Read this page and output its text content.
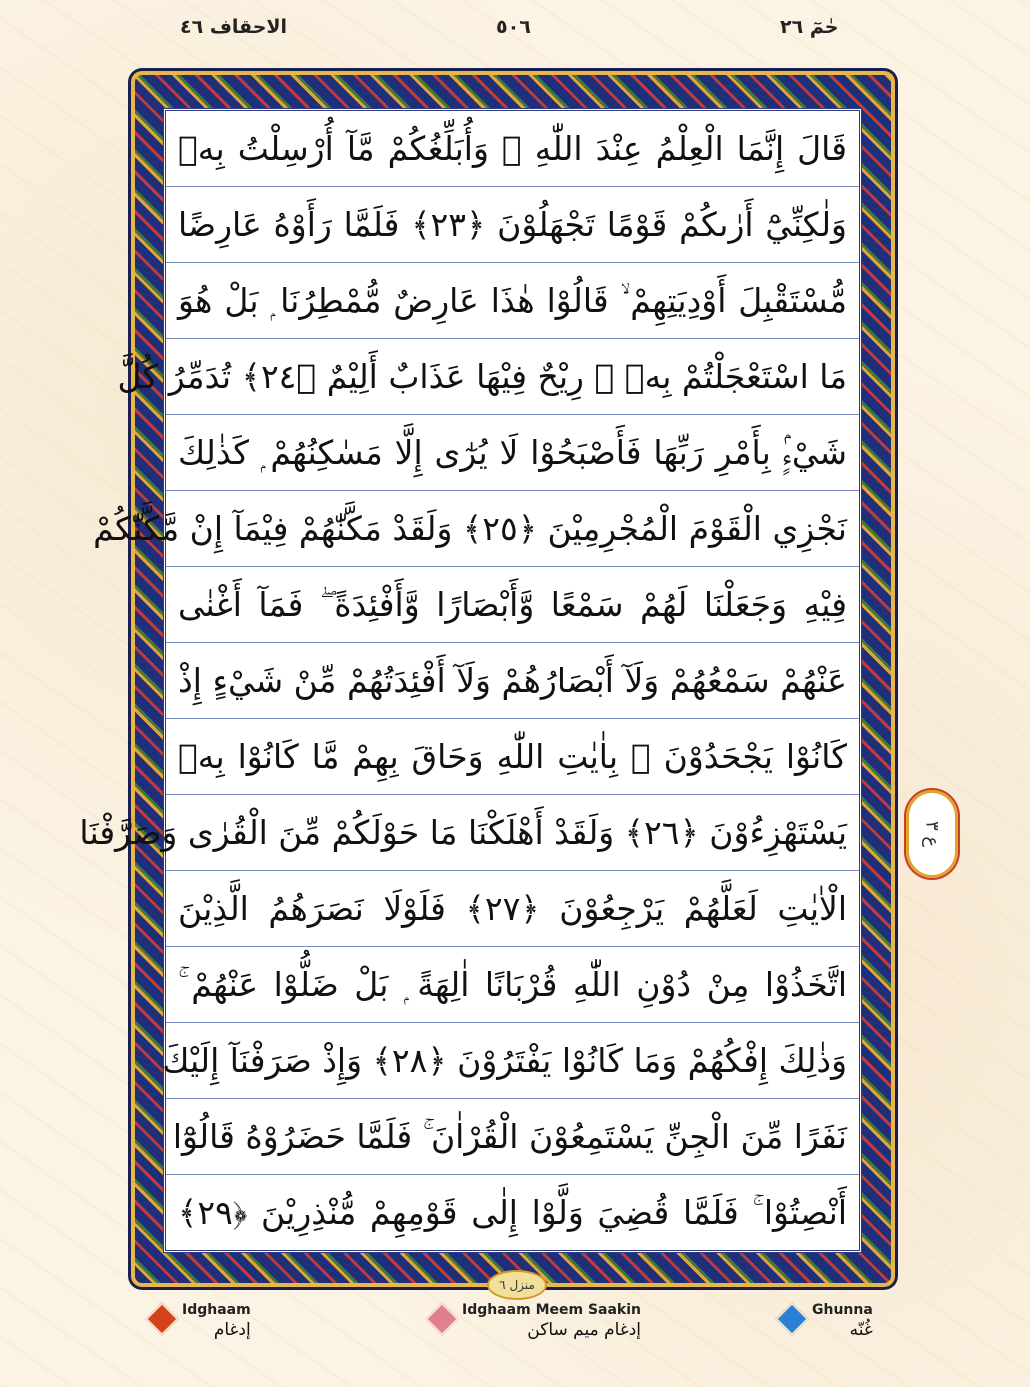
الاحقاف ٤٦	٥٠٦	حٰمٓ ٢٦
قَالَ إِنَّمَا الْعِلْمُ عِنْدَ اللّٰهِ ۖ وَأُبَلِّغُكُمْ مَّآ أُرْسِلْتُ بِهٖ
وَلٰكِنِّيْٓ أَرٰىكُمْ قَوْمًا تَجْهَلُوْنَ ﴿٢٣﴾ فَلَمَّا رَأَوْهُ عَارِضًا
مُّسْتَقْبِلَ أَوْدِيَتِهِمْ ۙ قَالُوْا هٰذَا عَارِضٌ مُّمْطِرُنَا ۭ بَلْ هُوَ
مَا اسْتَعْجَلْتُمْ بِهٖ ۭ رِيْحٌ فِيْهَا عَذَابٌ أَلِيْمٌ ﴿٢٤﴾ تُدَمِّرُ كُلَّ
شَيْءٍۢ بِأَمْرِ رَبِّهَا فَأَصْبَحُوْا لَا يُرٰٓى إِلَّا مَسٰكِنُهُمْ ۭ كَذٰلِكَ
نَجْزِي الْقَوْمَ الْمُجْرِمِيْنَ ﴿٢٥﴾ وَلَقَدْ مَكَّنّٰهُمْ فِيْمَآ إِنْ مَّكَّنّٰكُمْ
فِيْهِ وَجَعَلْنَا لَهُمْ سَمْعًا وَّأَبْصَارًا وَّأَفْئِدَةً ۖ فَمَآ أَغْنٰى
عَنْهُمْ سَمْعُهُمْ وَلَآ أَبْصَارُهُمْ وَلَآ أَفْئِدَتُهُمْ مِّنْ شَيْءٍ إِذْ
كَانُوْا يَجْحَدُوْنَ ۙ بِاٰيٰتِ اللّٰهِ وَحَاقَ بِهِمْ مَّا كَانُوْا بِهٖ
يَسْتَهْزِءُوْنَ ﴿٢٦﴾ وَلَقَدْ أَهْلَكْنَا مَا حَوْلَكُمْ مِّنَ الْقُرٰى وَصَرَّفْنَا
الْاٰيٰتِ لَعَلَّهُمْ يَرْجِعُوْنَ ﴿٢٧﴾ فَلَوْلَا نَصَرَهُمُ الَّذِيْنَ
اتَّخَذُوْا مِنْ دُوْنِ اللّٰهِ قُرْبَانًا اٰلِهَةً ۭ بَلْ ضَلُّوْا عَنْهُمْ ۚ
وَذٰلِكَ إِفْكُهُمْ وَمَا كَانُوْا يَفْتَرُوْنَ ﴿٢٨﴾ وَإِذْ صَرَفْنَآ إِلَيْكَ
نَفَرًا مِّنَ الْجِنِّ يَسْتَمِعُوْنَ الْقُرْاٰنَ ۚ فَلَمَّا حَضَرُوْهُ قَالُوْٓا
أَنْصِتُوْا ۚ فَلَمَّا قُضِيَ وَلَّوْا إِلٰى قَوْمِهِمْ مُّنْذِرِيْنَ ﴿٢٩﴾
ع ٣
منزل ٦
Idghaam
إدغام
Idghaam Meem Saakin
إدغام میم ساکن
Ghunna
غُنّه
